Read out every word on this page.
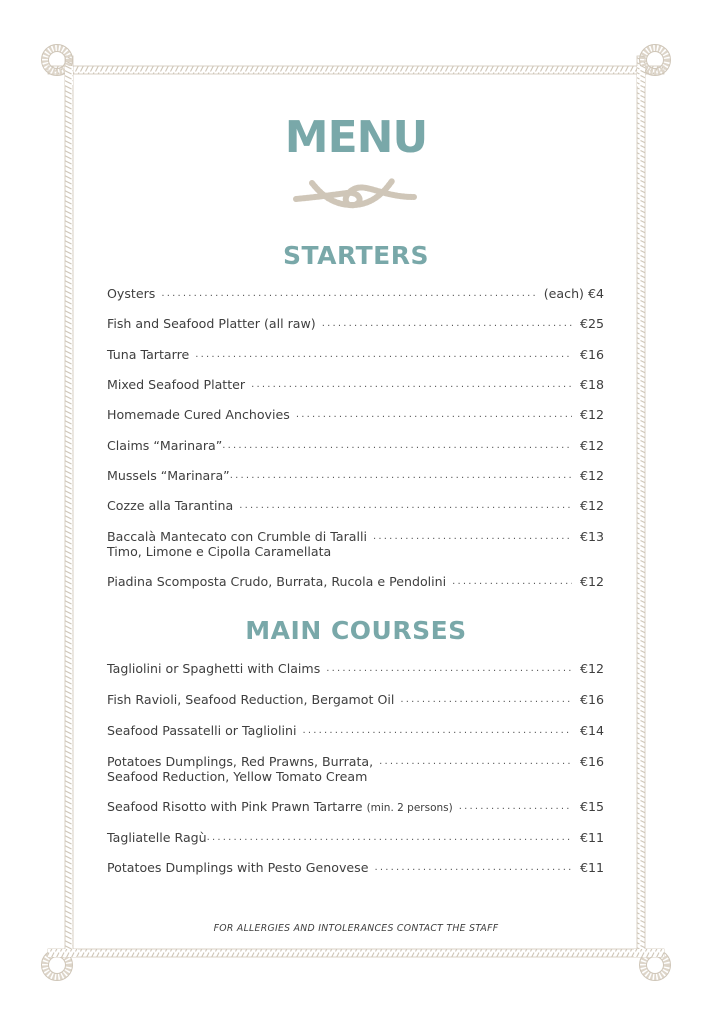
MENU
STARTERS
Oysters .....	(each) €4
Fish and Seafood Platter (all raw) .....	€25
Tuna Tartarre .....	€16
Mixed Seafood Platter .....	€18
Homemade Cured Anchovies .....	€12
Claims “Marinara” .....	€12
Mussels “Marinara” .....	€12
Cozze alla Tarantina .....	€12
Baccalà Mantecato con Crumble di Taralli .....	€13
Timo, Limone e Cipolla Caramellata
Piadina Scomposta Crudo, Burrata, Rucola e Pendolini .....	€12
MAIN COURSES
Tagliolini or Spaghetti with Claims .....	€12
Fish Ravioli, Seafood Reduction, Bergamot Oil .....	€16
Seafood Passatelli or Tagliolini .....	€14
Potatoes Dumplings, Red Prawns, Burrata, .....	€16
Seafood Reduction, Yellow Tomato Cream
Seafood Risotto with Pink Prawn Tartarre (min. 2 persons) .....	€15
Tagliatelle Ragù .....	€11
Potatoes Dumplings with Pesto Genovese .....	€11
FOR ALLERGIES AND INTOLERANCES CONTACT THE STAFF
